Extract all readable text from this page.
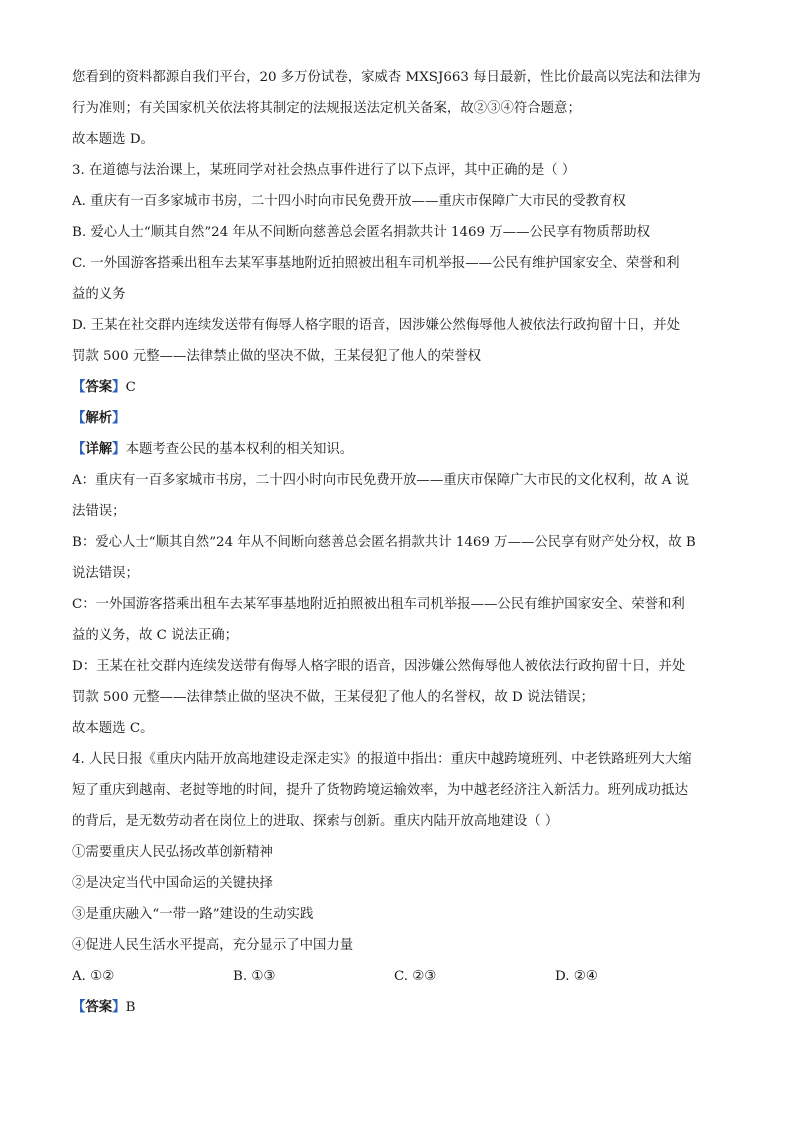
您看到的资料都源自我们平台，20 多万份试卷，家威杏 MXSJ663 每日最新，性比价最高以宪法和法律为
行为准则；有关国家机关依法将其制定的法规报送法定机关备案，故②③④符合题意；
故本题选 D。
3. 在道德与法治课上，某班同学对社会热点事件进行了以下点评，其中正确的是（ ）
A. 重庆有一百多家城市书房，二十四小时向市民免费开放——重庆市保障广大市民的受教育权
B. 爱心人士“顺其自然”24 年从不间断向慈善总会匿名捐款共计 1469 万——公民享有物质帮助权
C. 一外国游客搭乘出租车去某军事基地附近拍照被出租车司机举报——公民有维护国家安全、荣誉和利
益的义务
D. 王某在社交群内连续发送带有侮辱人格字眼的语音，因涉嫌公然侮辱他人被依法行政拘留十日，并处
罚款 500 元整——法律禁止做的坚决不做，王某侵犯了他人的荣誉权
【答案】C
【解析】
【详解】本题考查公民的基本权利的相关知识。
A：重庆有一百多家城市书房，二十四小时向市民免费开放——重庆市保障广大市民的文化权利，故 A 说
法错误；
B：爱心人士“顺其自然”24 年从不间断向慈善总会匿名捐款共计 1469 万——公民享有财产处分权，故 B
说法错误；
C：一外国游客搭乘出租车去某军事基地附近拍照被出租车司机举报——公民有维护国家安全、荣誉和利
益的义务，故 C 说法正确；
D：王某在社交群内连续发送带有侮辱人格字眼的语音，因涉嫌公然侮辱他人被依法行政拘留十日，并处
罚款 500 元整——法律禁止做的坚决不做，王某侵犯了他人的名誉权，故 D 说法错误；
故本题选 C。
4. 人民日报《重庆内陆开放高地建设走深走实》的报道中指出：重庆中越跨境班列、中老铁路班列大大缩
短了重庆到越南、老挝等地的时间，提升了货物跨境运输效率，为中越老经济注入新活力。班列成功抵达
的背后，是无数劳动者在岗位上的进取、探索与创新。重庆内陆开放高地建设（ ）
①需要重庆人民弘扬改革创新精神
②是决定当代中国命运的关键抉择
③是重庆融入“一带一路”建设的生动实践
④促进人民生活水平提高，充分显示了中国力量
A. ①②	B. ①③	C. ②③	D. ②④
【答案】B
